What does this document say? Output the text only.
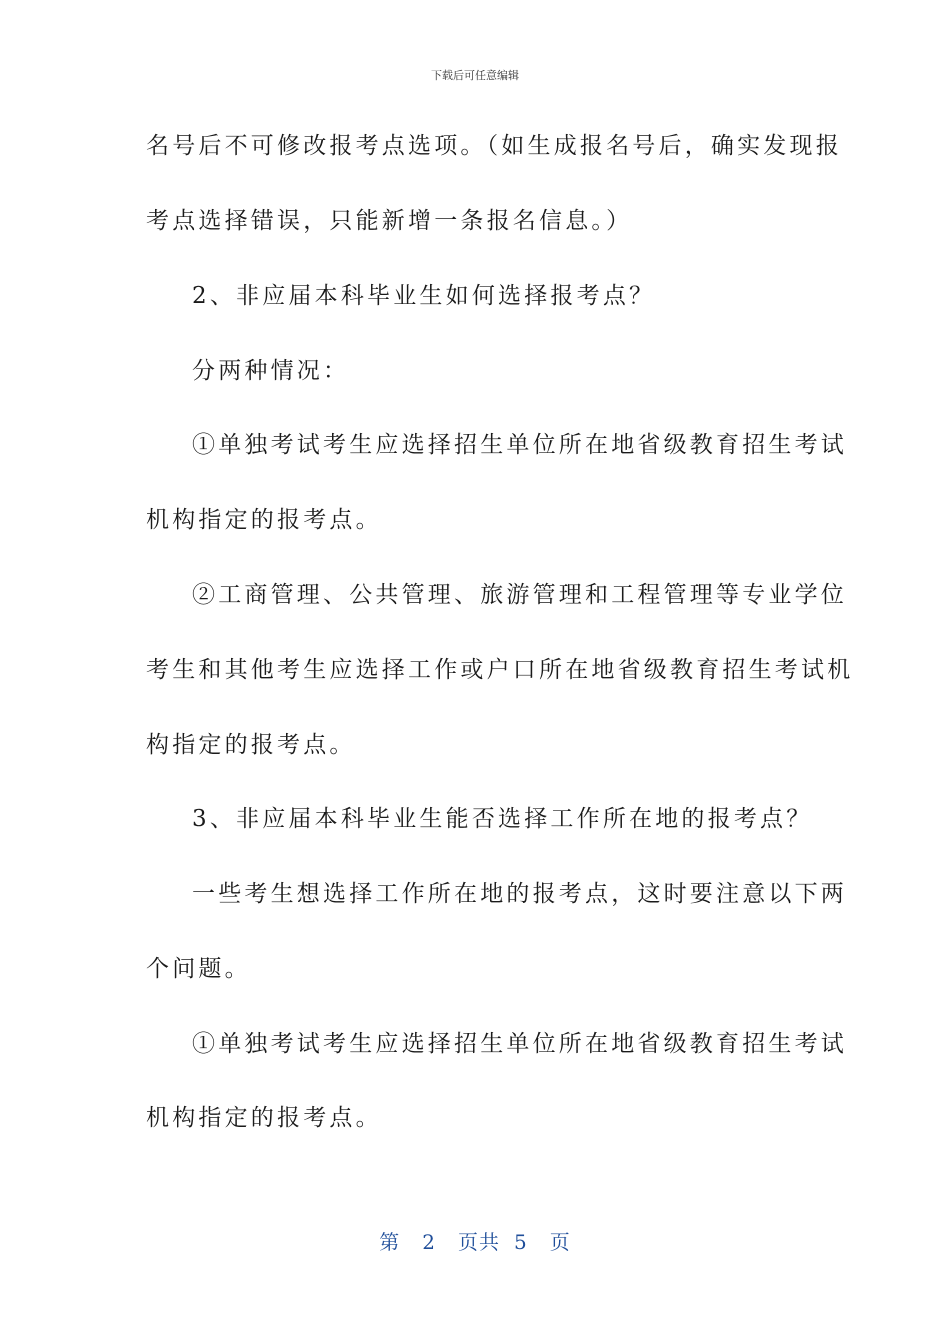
下载后可任意编辑
名号后不可修改报考点选项。（如生成报名号后，确实发现报
考点选择错误，只能新增一条报名信息。）
2、非应届本科毕业生如何选择报考点？
分两种情况：
①单独考试考生应选择招生单位所在地省级教育招生考试
机构指定的报考点。
②工商管理、公共管理、旅游管理和工程管理等专业学位
考生和其他考生应选择工作或户口所在地省级教育招生考试机
构指定的报考点。
3、非应届本科毕业生能否选择工作所在地的报考点？
一些考生想选择工作所在地的报考点，这时要注意以下两
个问题。
①单独考试考生应选择招生单位所在地省级教育招生考试
机构指定的报考点。
第 2 页共 5 页
